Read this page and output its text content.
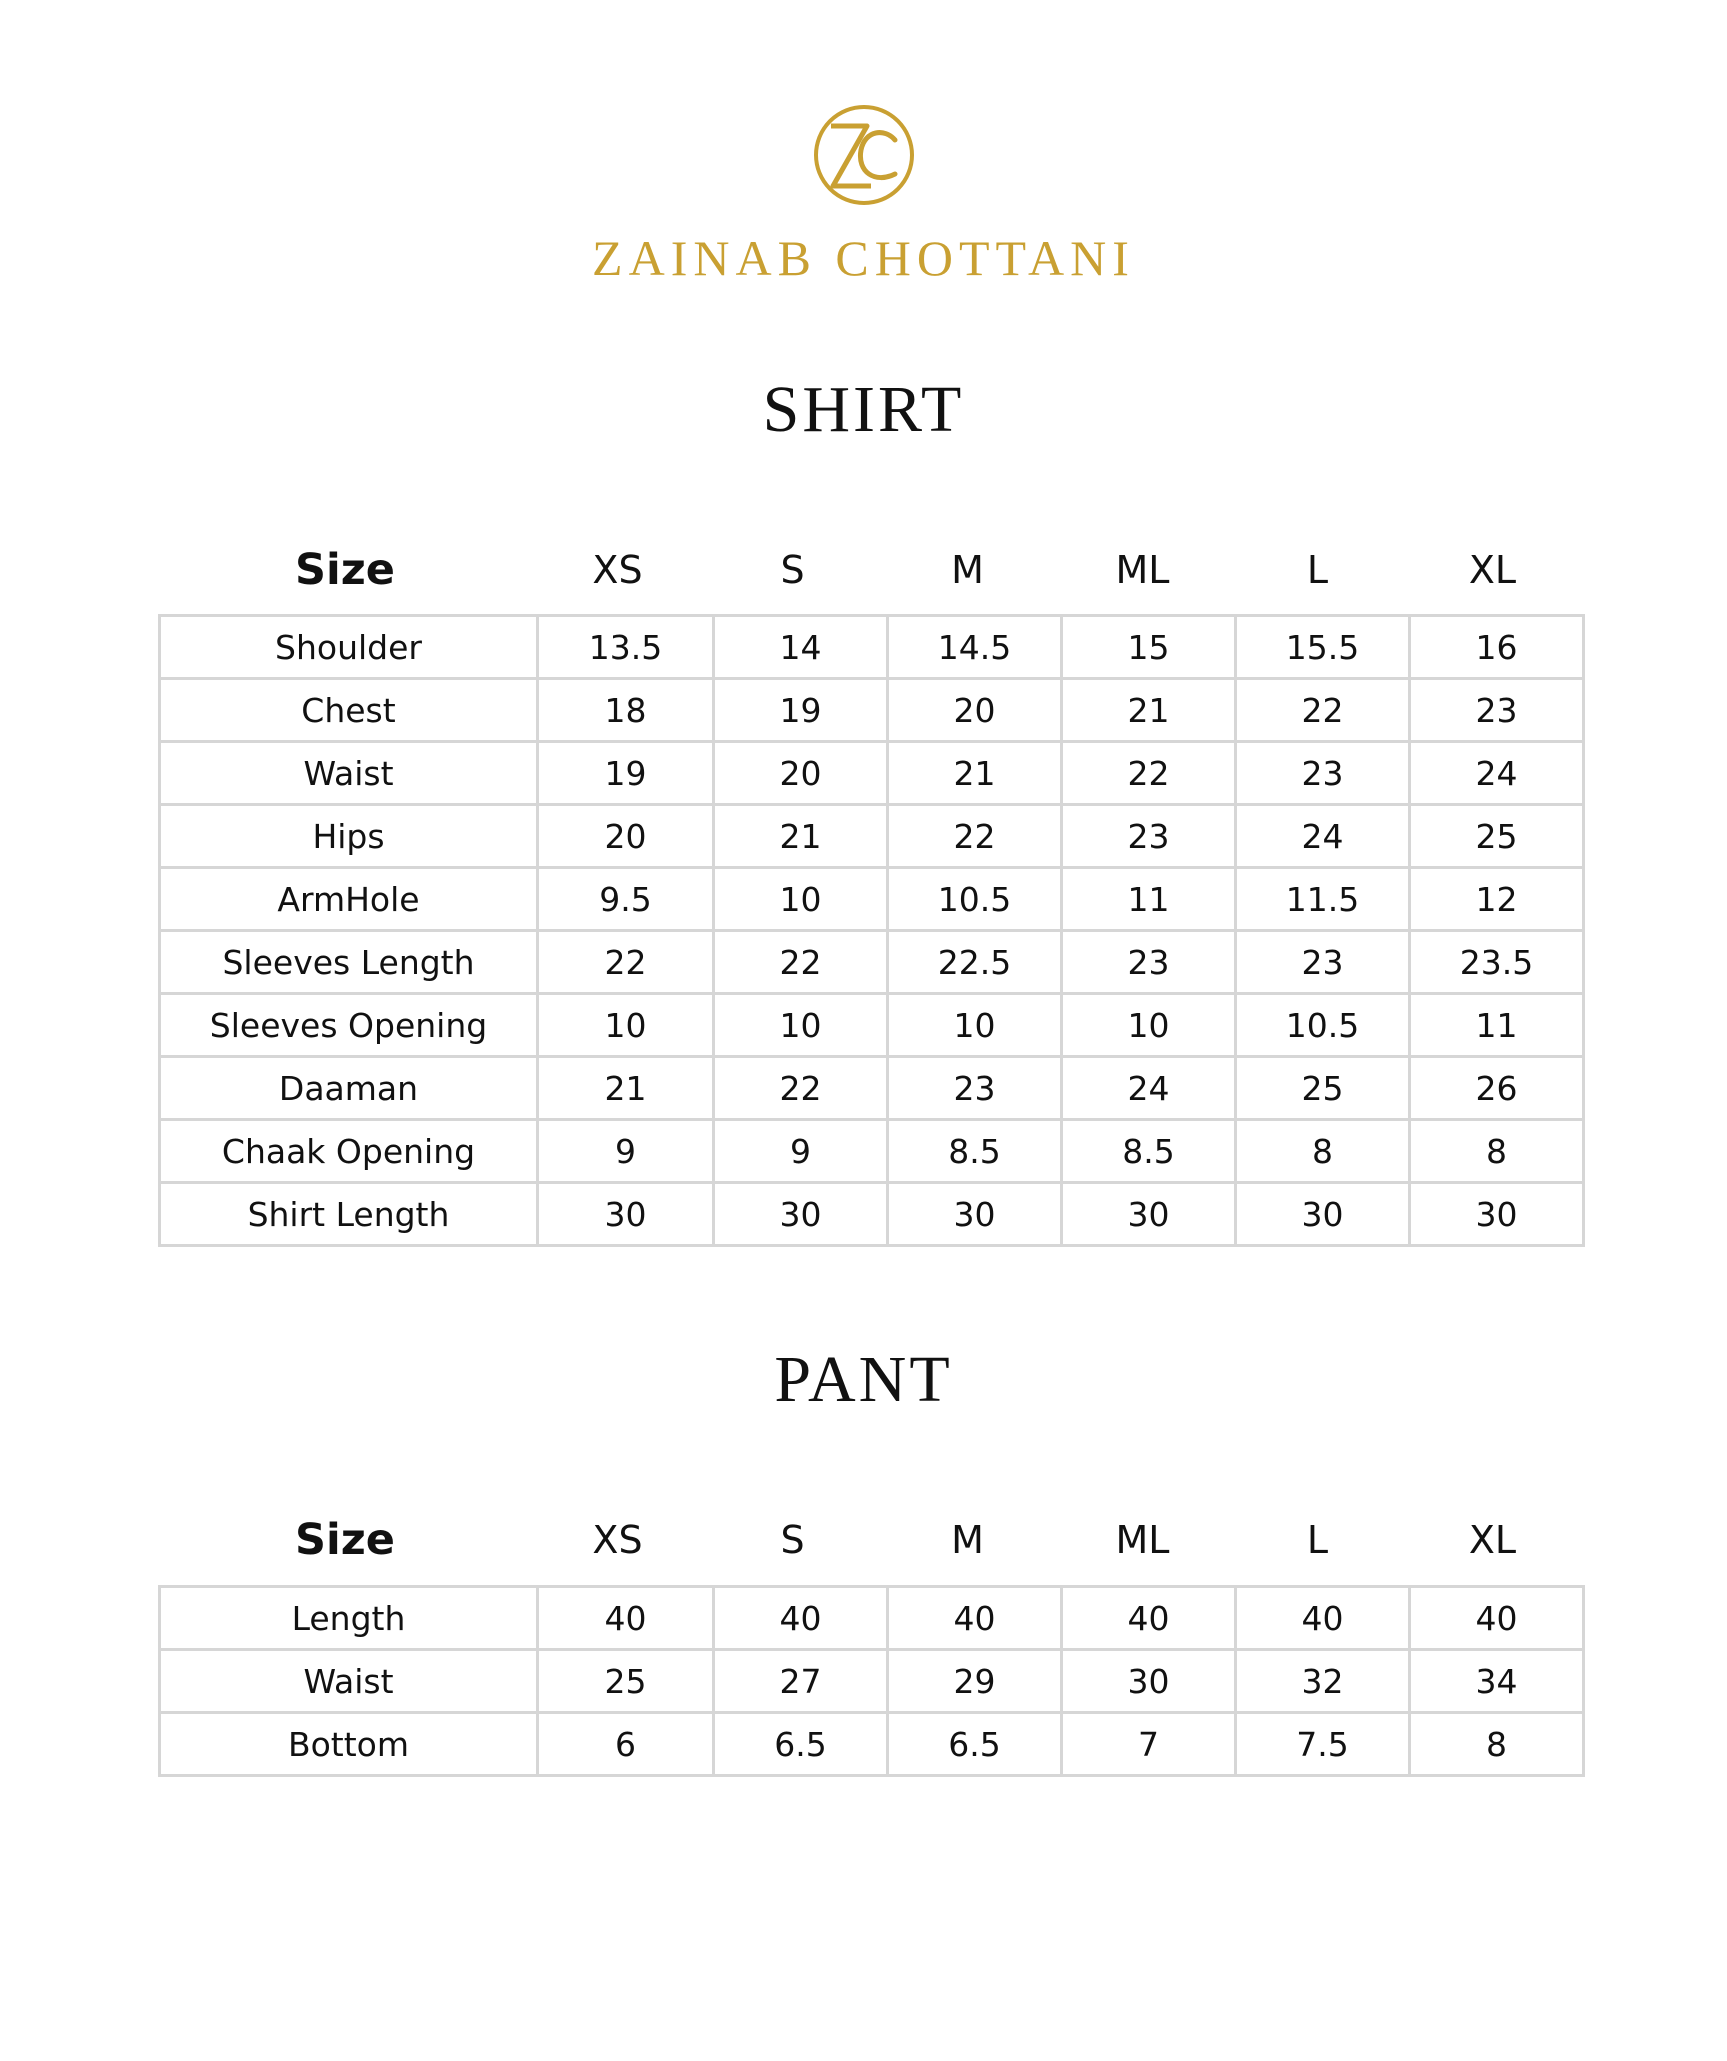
ZAINAB CHOTTANI
SHIRT
Size	XS	S	M	ML	L	XL
Shoulder	13.5	14	14.5	15	15.5	16
Chest	18	19	20	21	22	23
Waist	19	20	21	22	23	24
Hips	20	21	22	23	24	25
ArmHole	9.5	10	10.5	11	11.5	12
Sleeves Length	22	22	22.5	23	23	23.5
Sleeves Opening	10	10	10	10	10.5	11
Daaman	21	22	23	24	25	26
Chaak Opening	9	9	8.5	8.5	8	8
Shirt Length	30	30	30	30	30	30
PANT
Size	XS	S	M	ML	L	XL
Length	40	40	40	40	40	40
Waist	25	27	29	30	32	34
Bottom	6	6.5	6.5	7	7.5	8
